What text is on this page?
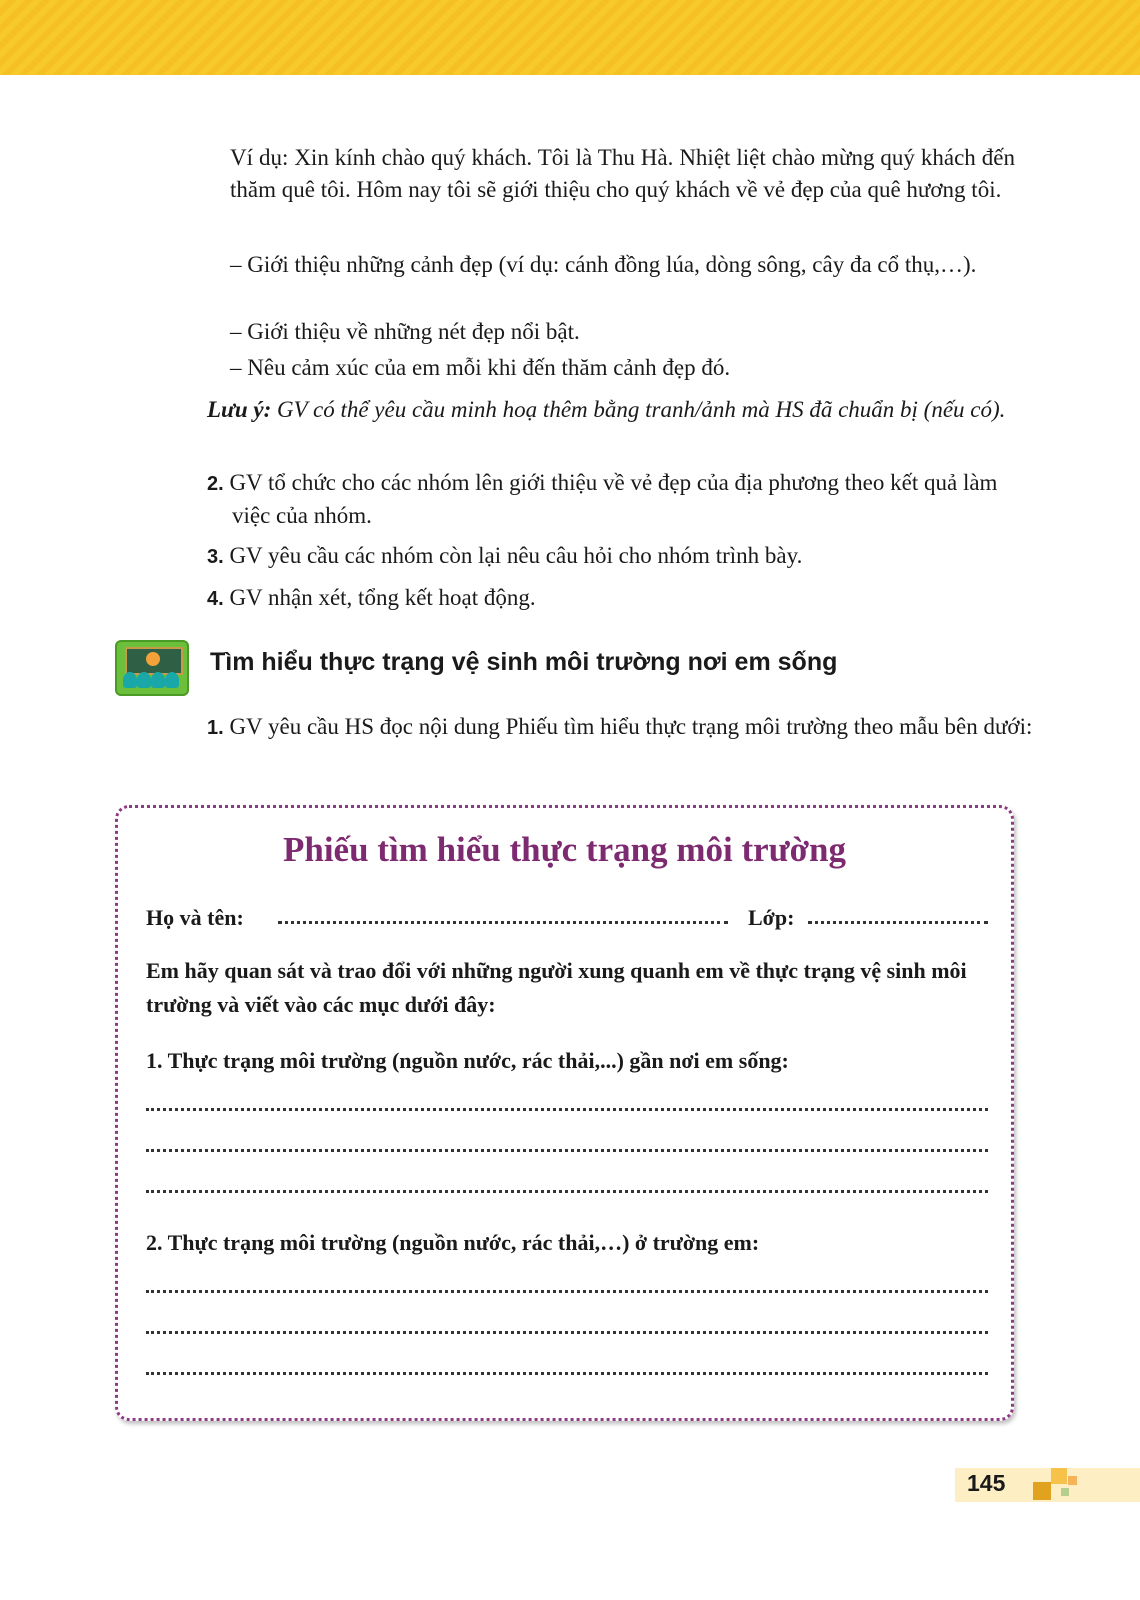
Ví dụ: Xin kính chào quý khách. Tôi là Thu Hà. Nhiệt liệt chào mừng quý khách đến thăm quê tôi. Hôm nay tôi sẽ giới thiệu cho quý khách về vẻ đẹp của quê hương tôi.
– Giới thiệu những cảnh đẹp (ví dụ: cánh đồng lúa, dòng sông, cây đa cổ thụ,…).
– Giới thiệu về những nét đẹp nổi bật.
– Nêu cảm xúc của em mỗi khi đến thăm cảnh đẹp đó.
Lưu ý: GV có thể yêu cầu minh hoạ thêm bằng tranh/ảnh mà HS đã chuẩn bị (nếu có).
2. GV tổ chức cho các nhóm lên giới thiệu về vẻ đẹp của địa phương theo kết quả làm việc của nhóm.
3. GV yêu cầu các nhóm còn lại nêu câu hỏi cho nhóm trình bày.
4. GV nhận xét, tổng kết hoạt động.
Tìm hiểu thực trạng vệ sinh môi trường nơi em sống
1. GV yêu cầu HS đọc nội dung Phiếu tìm hiểu thực trạng môi trường theo mẫu bên dưới:
Phiếu tìm hiểu thực trạng môi trường
Họ và tên:	Lớp:
Em hãy quan sát và trao đổi với những người xung quanh em về thực trạng vệ sinh môi trường và viết vào các mục dưới đây:
1. Thực trạng môi trường (nguồn nước, rác thải,...) gần nơi em sống:
2. Thực trạng môi trường (nguồn nước, rác thải,…) ở trường em:
145
